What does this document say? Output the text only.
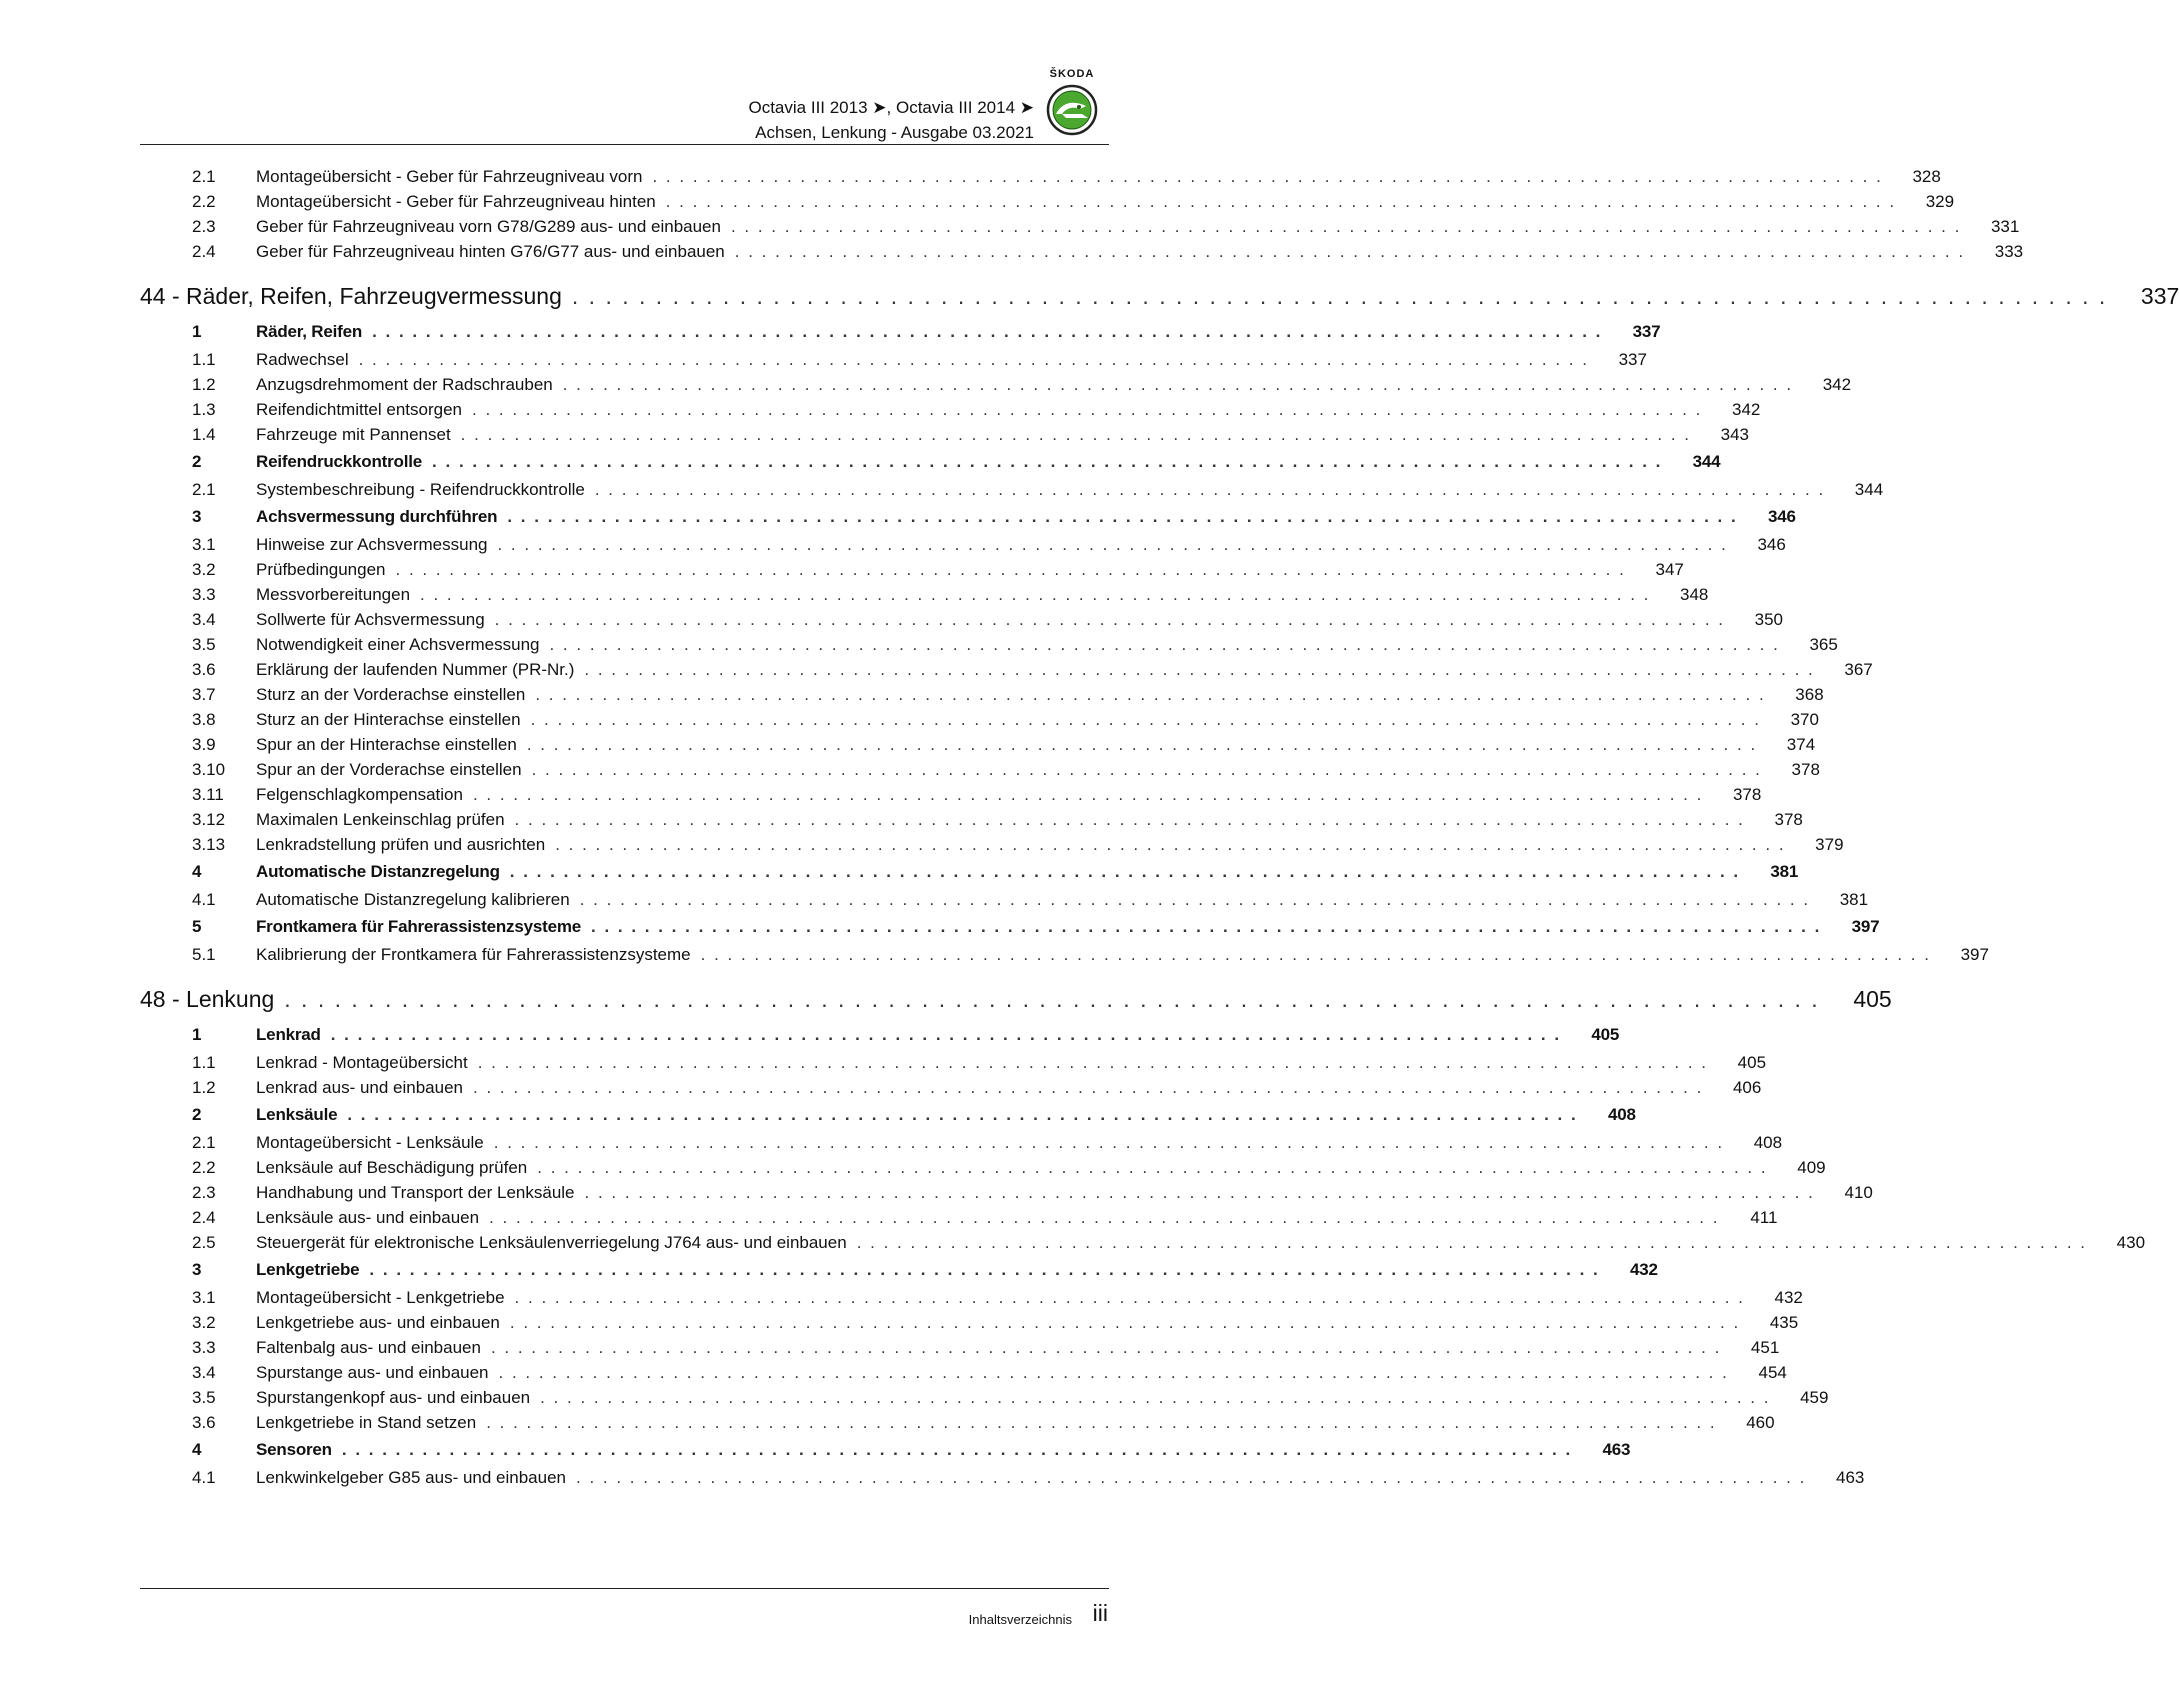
Octavia III 2013 ➤, Octavia III 2014 ➤
Achsen, Lenkung - Ausgabe 03.2021
ŠKODA
2.1 Montageübersicht - Geber für Fahrzeugniveau vorn . . . . . . . . . . . . . . . . . . . . . . . . . . . . . . . . . . . . . . . . . . . . . . . . . . . . . . . . . . . . . . . . . . . . . . . . . . . . . . . . . . . . . . . . . . . .	328
2.2 Montageübersicht - Geber für Fahrzeugniveau hinten . . . . . . . . . . . . . . . . . . . . . . . . . . . . . . . . . . . . . . . . . . . . . . . . . . . . . . . . . . . . . . . . . . . . . . . . . . . . . . . . . . . . . . . . . . . .	329
2.3 Geber für Fahrzeugniveau vorn G78/G289 aus- und einbauen . . . . . . . . . . . . . . . . . . . . . . . . . . . . . . . . . . . . . . . . . . . . . . . . . . . . . . . . . . . . . . . . . . . . . . . . . . . . . . . . . . . . . . . . . . . .	331
2.4 Geber für Fahrzeugniveau hinten G76/G77 aus- und einbauen . . . . . . . . . . . . . . . . . . . . . . . . . . . . . . . . . . . . . . . . . . . . . . . . . . . . . . . . . . . . . . . . . . . . . . . . . . . . . . . . . . . . . . . . . . . .	333
44 - Räder, Reifen, Fahrzeugvermessung . . . . . . . . . . . . . . . . . . . . . . . . . . . . . . . . . . . . . . . . . . . . . . . . . . . . . . . . . . . . . . . . . . . . . . . . . . . . . . . . . . . . . . . . . . . .	337
1	Räder, Reifen . . . . . . . . . . . . . . . . . . . . . . . . . . . . . . . . . . . . . . . . . . . . . . . . . . . . . . . . . . . . . . . . . . . . . . . . . . . . . . . . . . . . . . . . . . . .	337
1.1 Radwechsel . . . . . . . . . . . . . . . . . . . . . . . . . . . . . . . . . . . . . . . . . . . . . . . . . . . . . . . . . . . . . . . . . . . . . . . . . . . . . . . . . . . . . . . . . . . .	337
1.2 Anzugsdrehmoment der Radschrauben . . . . . . . . . . . . . . . . . . . . . . . . . . . . . . . . . . . . . . . . . . . . . . . . . . . . . . . . . . . . . . . . . . . . . . . . . . . . . . . . . . . . . . . . . . . .	342
1.3 Reifendichtmittel entsorgen . . . . . . . . . . . . . . . . . . . . . . . . . . . . . . . . . . . . . . . . . . . . . . . . . . . . . . . . . . . . . . . . . . . . . . . . . . . . . . . . . . . . . . . . . . . .	342
1.4 Fahrzeuge mit Pannenset . . . . . . . . . . . . . . . . . . . . . . . . . . . . . . . . . . . . . . . . . . . . . . . . . . . . . . . . . . . . . . . . . . . . . . . . . . . . . . . . . . . . . . . . . . . .	343
2	Reifendruckkontrolle . . . . . . . . . . . . . . . . . . . . . . . . . . . . . . . . . . . . . . . . . . . . . . . . . . . . . . . . . . . . . . . . . . . . . . . . . . . . . . . . . . . . . . . . . . . .	344
2.1 Systembeschreibung - Reifendruckkontrolle . . . . . . . . . . . . . . . . . . . . . . . . . . . . . . . . . . . . . . . . . . . . . . . . . . . . . . . . . . . . . . . . . . . . . . . . . . . . . . . . . . . . . . . . . . . .	344
3	Achsvermessung durchführen . . . . . . . . . . . . . . . . . . . . . . . . . . . . . . . . . . . . . . . . . . . . . . . . . . . . . . . . . . . . . . . . . . . . . . . . . . . . . . . . . . . . . . . . . . . .	346
3.1 Hinweise zur Achsvermessung . . . . . . . . . . . . . . . . . . . . . . . . . . . . . . . . . . . . . . . . . . . . . . . . . . . . . . . . . . . . . . . . . . . . . . . . . . . . . . . . . . . . . . . . . . . .	346
3.2 Prüfbedingungen . . . . . . . . . . . . . . . . . . . . . . . . . . . . . . . . . . . . . . . . . . . . . . . . . . . . . . . . . . . . . . . . . . . . . . . . . . . . . . . . . . . . . . . . . . . .	347
3.3 Messvorbereitungen . . . . . . . . . . . . . . . . . . . . . . . . . . . . . . . . . . . . . . . . . . . . . . . . . . . . . . . . . . . . . . . . . . . . . . . . . . . . . . . . . . . . . . . . . . . .	348
3.4 Sollwerte für Achsvermessung . . . . . . . . . . . . . . . . . . . . . . . . . . . . . . . . . . . . . . . . . . . . . . . . . . . . . . . . . . . . . . . . . . . . . . . . . . . . . . . . . . . . . . . . . . . .	350
3.5 Notwendigkeit einer Achsvermessung . . . . . . . . . . . . . . . . . . . . . . . . . . . . . . . . . . . . . . . . . . . . . . . . . . . . . . . . . . . . . . . . . . . . . . . . . . . . . . . . . . . . . . . . . . . .	365
3.6 Erklärung der laufenden Nummer (PR-Nr.) . . . . . . . . . . . . . . . . . . . . . . . . . . . . . . . . . . . . . . . . . . . . . . . . . . . . . . . . . . . . . . . . . . . . . . . . . . . . . . . . . . . . . . . . . . . .	367
3.7 Sturz an der Vorderachse einstellen . . . . . . . . . . . . . . . . . . . . . . . . . . . . . . . . . . . . . . . . . . . . . . . . . . . . . . . . . . . . . . . . . . . . . . . . . . . . . . . . . . . . . . . . . . . .	368
3.8 Sturz an der Hinterachse einstellen . . . . . . . . . . . . . . . . . . . . . . . . . . . . . . . . . . . . . . . . . . . . . . . . . . . . . . . . . . . . . . . . . . . . . . . . . . . . . . . . . . . . . . . . . . . .	370
3.9 Spur an der Hinterachse einstellen . . . . . . . . . . . . . . . . . . . . . . . . . . . . . . . . . . . . . . . . . . . . . . . . . . . . . . . . . . . . . . . . . . . . . . . . . . . . . . . . . . . . . . . . . . . .	374
3.10 Spur an der Vorderachse einstellen . . . . . . . . . . . . . . . . . . . . . . . . . . . . . . . . . . . . . . . . . . . . . . . . . . . . . . . . . . . . . . . . . . . . . . . . . . . . . . . . . . . . . . . . . . . .	378
3.11 Felgenschlagkompensation . . . . . . . . . . . . . . . . . . . . . . . . . . . . . . . . . . . . . . . . . . . . . . . . . . . . . . . . . . . . . . . . . . . . . . . . . . . . . . . . . . . . . . . . . . . .	378
3.12 Maximalen Lenkeinschlag prüfen . . . . . . . . . . . . . . . . . . . . . . . . . . . . . . . . . . . . . . . . . . . . . . . . . . . . . . . . . . . . . . . . . . . . . . . . . . . . . . . . . . . . . . . . . . . .	378
3.13 Lenkradstellung prüfen und ausrichten . . . . . . . . . . . . . . . . . . . . . . . . . . . . . . . . . . . . . . . . . . . . . . . . . . . . . . . . . . . . . . . . . . . . . . . . . . . . . . . . . . . . . . . . . . . .	379
4	Automatische Distanzregelung . . . . . . . . . . . . . . . . . . . . . . . . . . . . . . . . . . . . . . . . . . . . . . . . . . . . . . . . . . . . . . . . . . . . . . . . . . . . . . . . . . . . . . . . . . . .	381
4.1 Automatische Distanzregelung kalibrieren . . . . . . . . . . . . . . . . . . . . . . . . . . . . . . . . . . . . . . . . . . . . . . . . . . . . . . . . . . . . . . . . . . . . . . . . . . . . . . . . . . . . . . . . . . . .	381
5	Frontkamera für Fahrerassistenzsysteme . . . . . . . . . . . . . . . . . . . . . . . . . . . . . . . . . . . . . . . . . . . . . . . . . . . . . . . . . . . . . . . . . . . . . . . . . . . . . . . . . . . . . . . . . . . .	397
5.1 Kalibrierung der Frontkamera für Fahrerassistenzsysteme . . . . . . . . . . . . . . . . . . . . . . . . . . . . . . . . . . . . . . . . . . . . . . . . . . . . . . . . . . . . . . . . . . . . . . . . . . . . . . . . . . . . . . . . . . . .	397
48 - Lenkung . . . . . . . . . . . . . . . . . . . . . . . . . . . . . . . . . . . . . . . . . . . . . . . . . . . . . . . . . . . . . . . . . . . . . . . . . . . . . . . . . . . . . . . . . . . .	405
1	Lenkrad . . . . . . . . . . . . . . . . . . . . . . . . . . . . . . . . . . . . . . . . . . . . . . . . . . . . . . . . . . . . . . . . . . . . . . . . . . . . . . . . . . . . . . . . . . . .	405
1.1 Lenkrad - Montageübersicht . . . . . . . . . . . . . . . . . . . . . . . . . . . . . . . . . . . . . . . . . . . . . . . . . . . . . . . . . . . . . . . . . . . . . . . . . . . . . . . . . . . . . . . . . . . .	405
1.2 Lenkrad aus- und einbauen . . . . . . . . . . . . . . . . . . . . . . . . . . . . . . . . . . . . . . . . . . . . . . . . . . . . . . . . . . . . . . . . . . . . . . . . . . . . . . . . . . . . . . . . . . . .	406
2	Lenksäule . . . . . . . . . . . . . . . . . . . . . . . . . . . . . . . . . . . . . . . . . . . . . . . . . . . . . . . . . . . . . . . . . . . . . . . . . . . . . . . . . . . . . . . . . . . .	408
2.1 Montageübersicht - Lenksäule . . . . . . . . . . . . . . . . . . . . . . . . . . . . . . . . . . . . . . . . . . . . . . . . . . . . . . . . . . . . . . . . . . . . . . . . . . . . . . . . . . . . . . . . . . . .	408
2.2 Lenksäule auf Beschädigung prüfen . . . . . . . . . . . . . . . . . . . . . . . . . . . . . . . . . . . . . . . . . . . . . . . . . . . . . . . . . . . . . . . . . . . . . . . . . . . . . . . . . . . . . . . . . . . .	409
2.3 Handhabung und Transport der Lenksäule . . . . . . . . . . . . . . . . . . . . . . . . . . . . . . . . . . . . . . . . . . . . . . . . . . . . . . . . . . . . . . . . . . . . . . . . . . . . . . . . . . . . . . . . . . . .	410
2.4 Lenksäule aus- und einbauen . . . . . . . . . . . . . . . . . . . . . . . . . . . . . . . . . . . . . . . . . . . . . . . . . . . . . . . . . . . . . . . . . . . . . . . . . . . . . . . . . . . . . . . . . . . .	411
2.5 Steuergerät für elektronische Lenksäulenverriegelung J764 aus- und einbauen . . . . . . . . . . . . . . . . . . . . . . . . . . . . . . . . . . . . . . . . . . . . . . . . . . . . . . . . . . . . . . . . . . . . . . . . . . . . . . . . . . . . . . . . . . . .	430
3	Lenkgetriebe . . . . . . . . . . . . . . . . . . . . . . . . . . . . . . . . . . . . . . . . . . . . . . . . . . . . . . . . . . . . . . . . . . . . . . . . . . . . . . . . . . . . . . . . . . . .	432
3.1 Montageübersicht - Lenkgetriebe . . . . . . . . . . . . . . . . . . . . . . . . . . . . . . . . . . . . . . . . . . . . . . . . . . . . . . . . . . . . . . . . . . . . . . . . . . . . . . . . . . . . . . . . . . . .	432
3.2 Lenkgetriebe aus- und einbauen . . . . . . . . . . . . . . . . . . . . . . . . . . . . . . . . . . . . . . . . . . . . . . . . . . . . . . . . . . . . . . . . . . . . . . . . . . . . . . . . . . . . . . . . . . . .	435
3.3 Faltenbalg aus- und einbauen . . . . . . . . . . . . . . . . . . . . . . . . . . . . . . . . . . . . . . . . . . . . . . . . . . . . . . . . . . . . . . . . . . . . . . . . . . . . . . . . . . . . . . . . . . . .	451
3.4 Spurstange aus- und einbauen . . . . . . . . . . . . . . . . . . . . . . . . . . . . . . . . . . . . . . . . . . . . . . . . . . . . . . . . . . . . . . . . . . . . . . . . . . . . . . . . . . . . . . . . . . . .	454
3.5 Spurstangenkopf aus- und einbauen . . . . . . . . . . . . . . . . . . . . . . . . . . . . . . . . . . . . . . . . . . . . . . . . . . . . . . . . . . . . . . . . . . . . . . . . . . . . . . . . . . . . . . . . . . . .	459
3.6 Lenkgetriebe in Stand setzen . . . . . . . . . . . . . . . . . . . . . . . . . . . . . . . . . . . . . . . . . . . . . . . . . . . . . . . . . . . . . . . . . . . . . . . . . . . . . . . . . . . . . . . . . . . .	460
4	Sensoren . . . . . . . . . . . . . . . . . . . . . . . . . . . . . . . . . . . . . . . . . . . . . . . . . . . . . . . . . . . . . . . . . . . . . . . . . . . . . . . . . . . . . . . . . . . .	463
4.1 Lenkwinkelgeber G85 aus- und einbauen . . . . . . . . . . . . . . . . . . . . . . . . . . . . . . . . . . . . . . . . . . . . . . . . . . . . . . . . . . . . . . . . . . . . . . . . . . . . . . . . . . . . . . . . . . . .	463
Inhaltsverzeichnis iii
